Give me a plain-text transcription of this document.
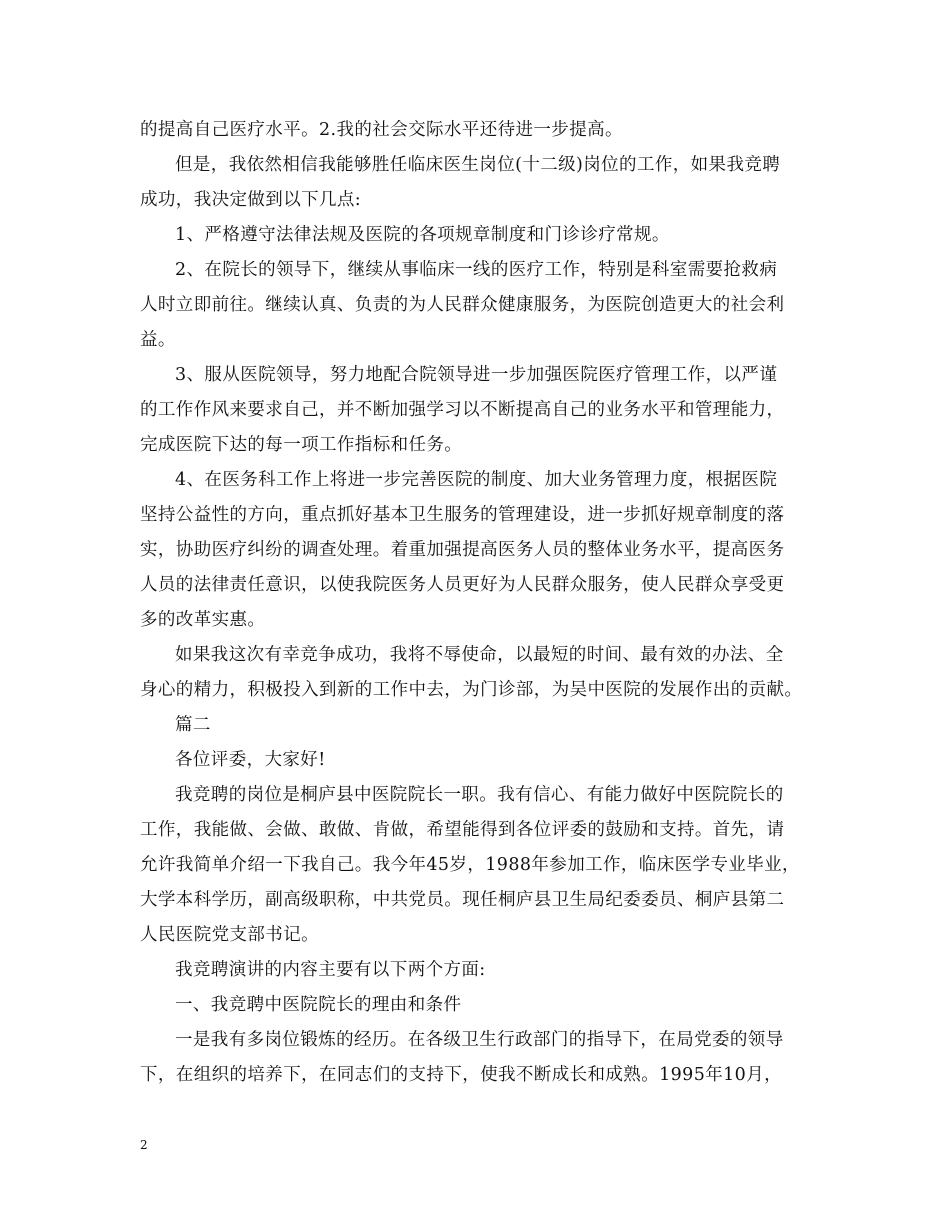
的提高自己医疗水平。2.我的社会交际水平还待进一步提高。
但是，我依然相信我能够胜任临床医生岗位(十二级)岗位的工作，如果我竞聘
成功，我决定做到以下几点:
1、严格遵守法律法规及医院的各项规章制度和门诊诊疗常规。
2、在院长的领导下，继续从事临床一线的医疗工作，特别是科室需要抢救病
人时立即前往。继续认真、负责的为人民群众健康服务，为医院创造更大的社会利
益。
3、服从医院领导，努力地配合院领导进一步加强医院医疗管理工作，以严谨
的工作作风来要求自己，并不断加强学习以不断提高自己的业务水平和管理能力，
完成医院下达的每一项工作指标和任务。
4、在医务科工作上将进一步完善医院的制度、加大业务管理力度，根据医院
坚持公益性的方向，重点抓好基本卫生服务的管理建设，进一步抓好规章制度的落
实，协助医疗纠纷的调查处理。着重加强提高医务人员的整体业务水平，提高医务
人员的法律责任意识，以使我院医务人员更好为人民群众服务，使人民群众享受更
多的改革实惠。
如果我这次有幸竞争成功，我将不辱使命，以最短的时间、最有效的办法、全
身心的精力，积极投入到新的工作中去，为门诊部，为吴中医院的发展作出的贡献。
篇二
各位评委，大家好!
我竞聘的岗位是桐庐县中医院院长一职。我有信心、有能力做好中医院院长的
工作，我能做、会做、敢做、肯做，希望能得到各位评委的鼓励和支持。首先，请
允许我简单介绍一下我自己。我今年45岁，1988年参加工作，临床医学专业毕业，
大学本科学历，副高级职称，中共党员。现任桐庐县卫生局纪委委员、桐庐县第二
人民医院党支部书记。
我竞聘演讲的内容主要有以下两个方面:
一、我竞聘中医院院长的理由和条件
一是我有多岗位锻炼的经历。在各级卫生行政部门的指导下，在局党委的领导
下，在组织的培养下，在同志们的支持下，使我不断成长和成熟。1995年10月，
2
